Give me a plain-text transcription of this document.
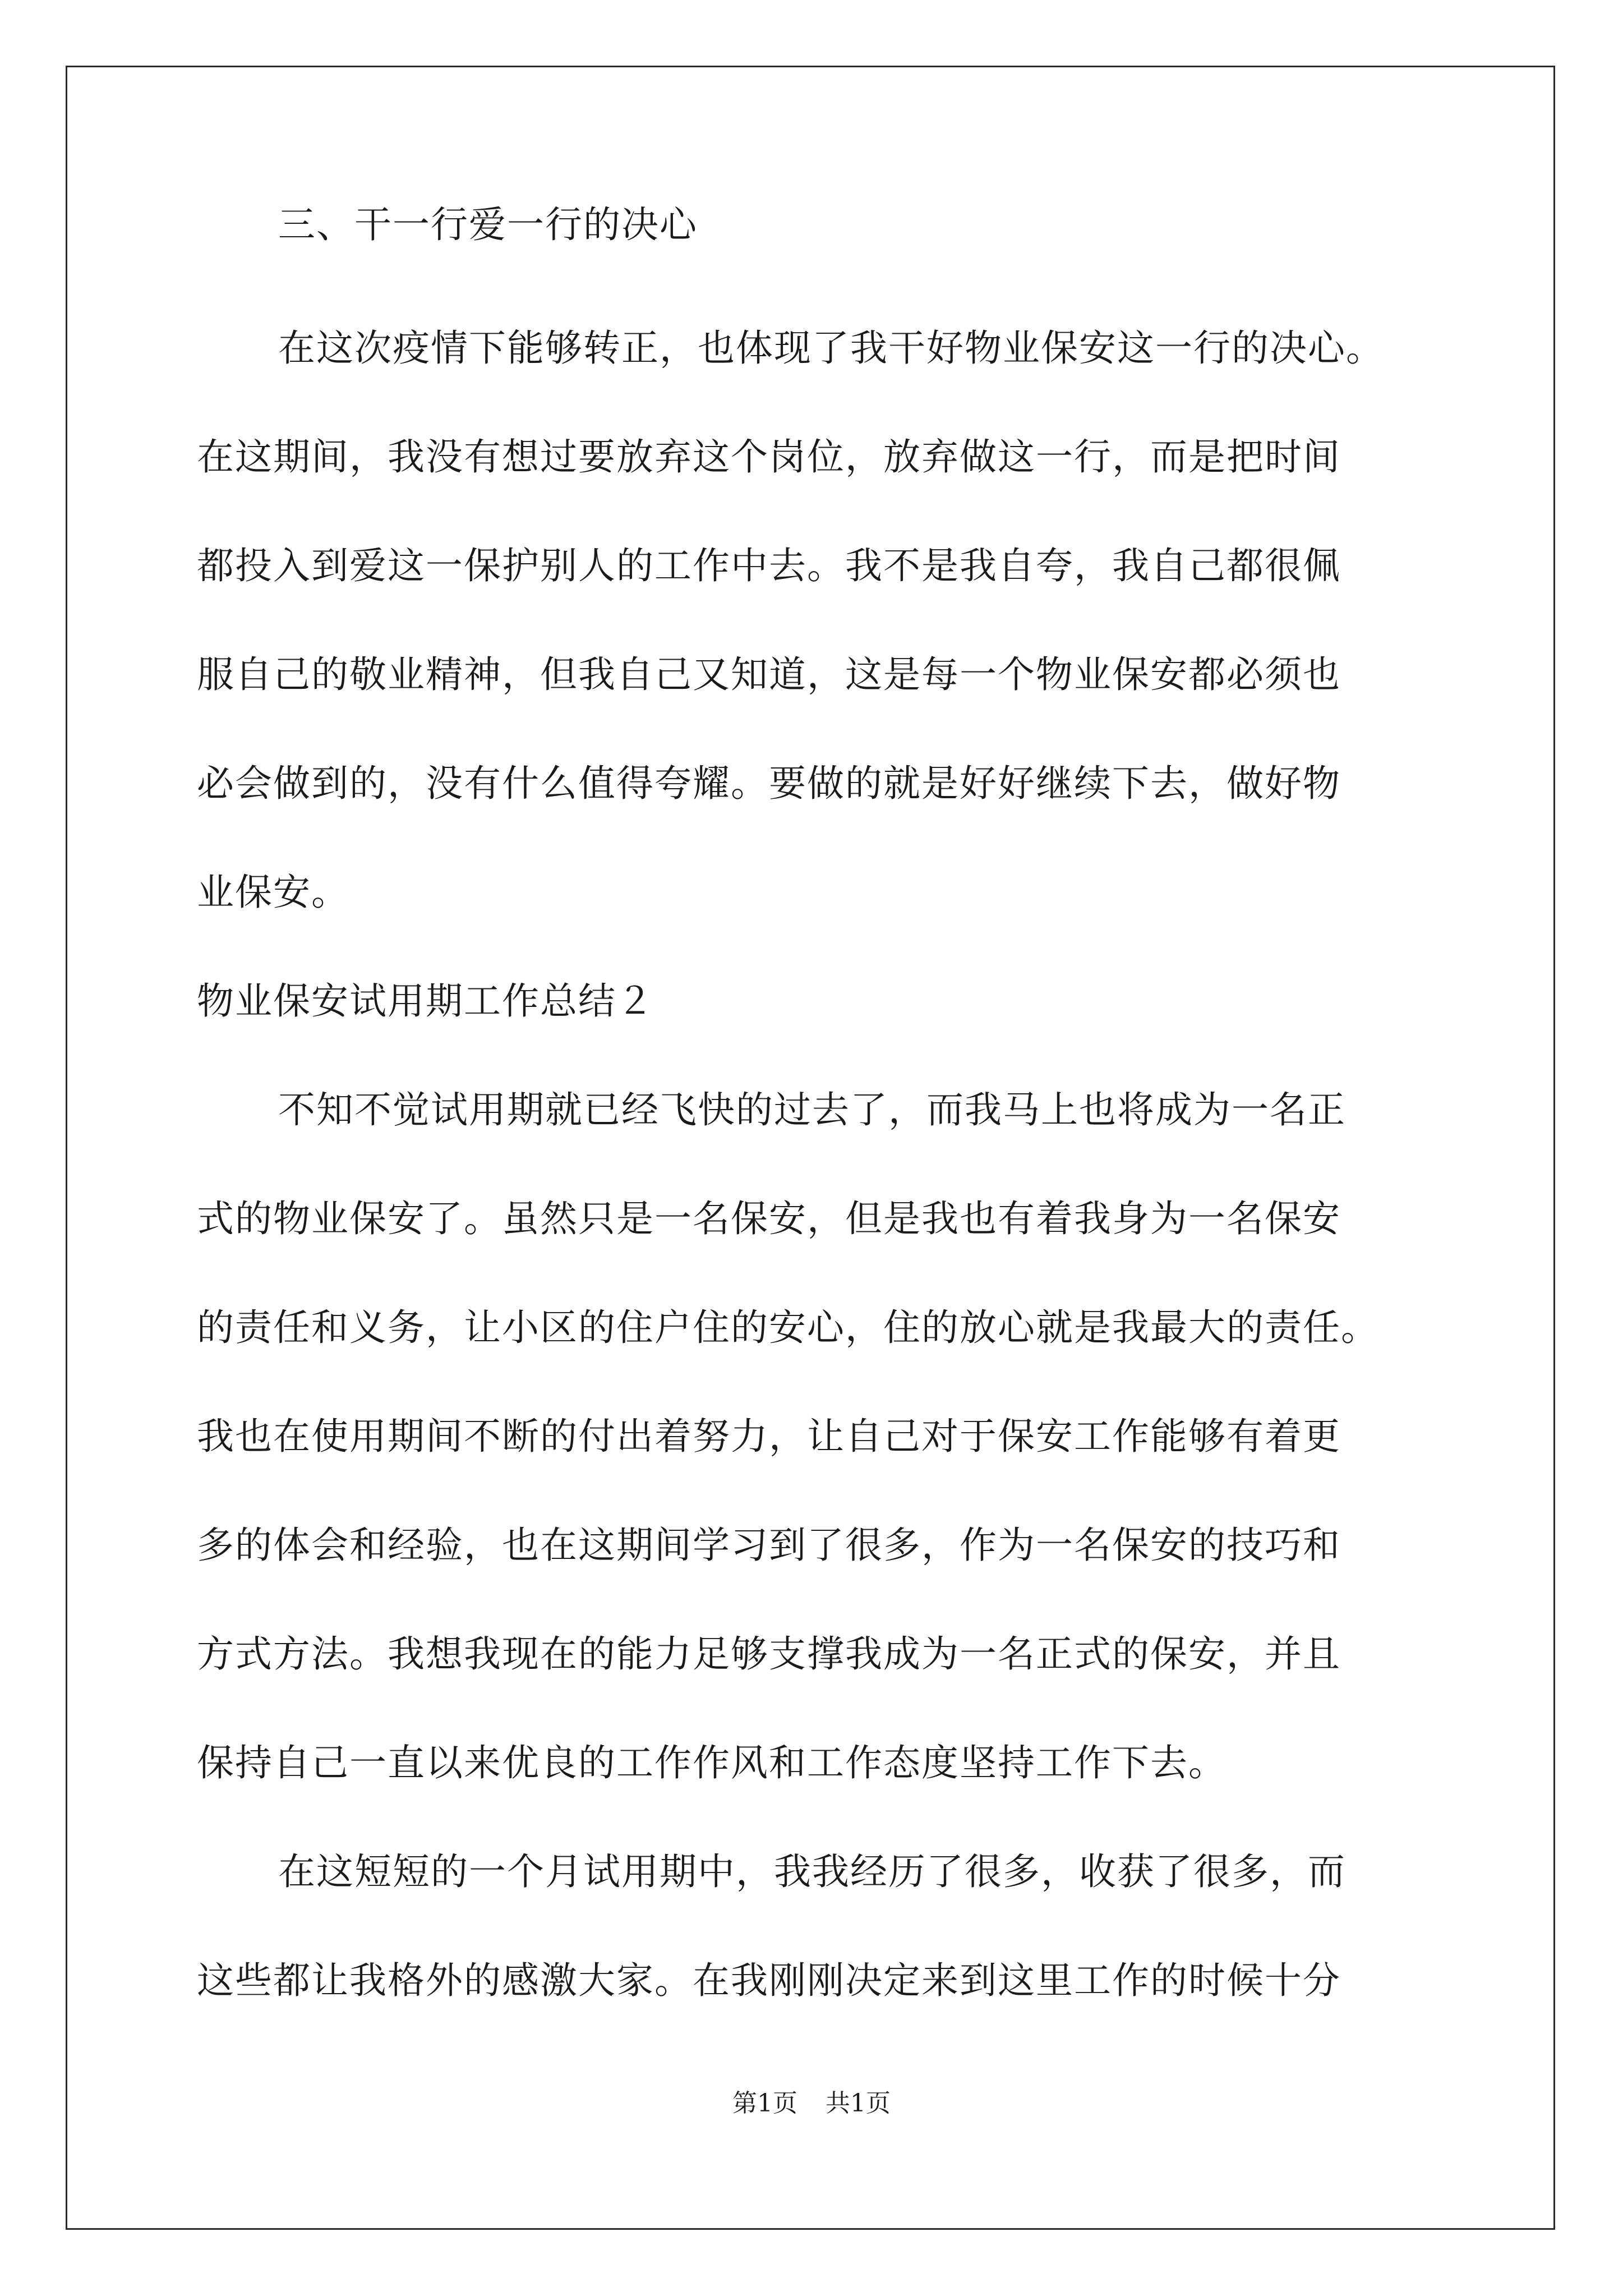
三、干一行爱一行的决心

在这次疫情下能够转正，也体现了我干好物业保安这一行的决心。

在这期间，我没有想过要放弃这个岗位，放弃做这一行，而是把时间

都投入到爱这一保护别人的工作中去。我不是我自夸，我自己都很佩

服自己的敬业精神，但我自己又知道，这是每一个物业保安都必须也

必会做到的，没有什么值得夸耀。要做的就是好好继续下去，做好物

业保安。

物业保安试用期工作总结２

不知不觉试用期就已经飞快的过去了，而我马上也将成为一名正

式的物业保安了。虽然只是一名保安，但是我也有着我身为一名保安

的责任和义务，让小区的住户住的安心，住的放心就是我最大的责任。

我也在使用期间不断的付出着努力，让自己对于保安工作能够有着更

多的体会和经验，也在这期间学习到了很多，作为一名保安的技巧和

方式方法。我想我现在的能力足够支撑我成为一名正式的保安，并且

保持自己一直以来优良的工作作风和工作态度坚持工作下去。

在这短短的一个月试用期中，我我经历了很多，收获了很多，而

这些都让我格外的感激大家。在我刚刚决定来到这里工作的时候十分

第1页 共1页
